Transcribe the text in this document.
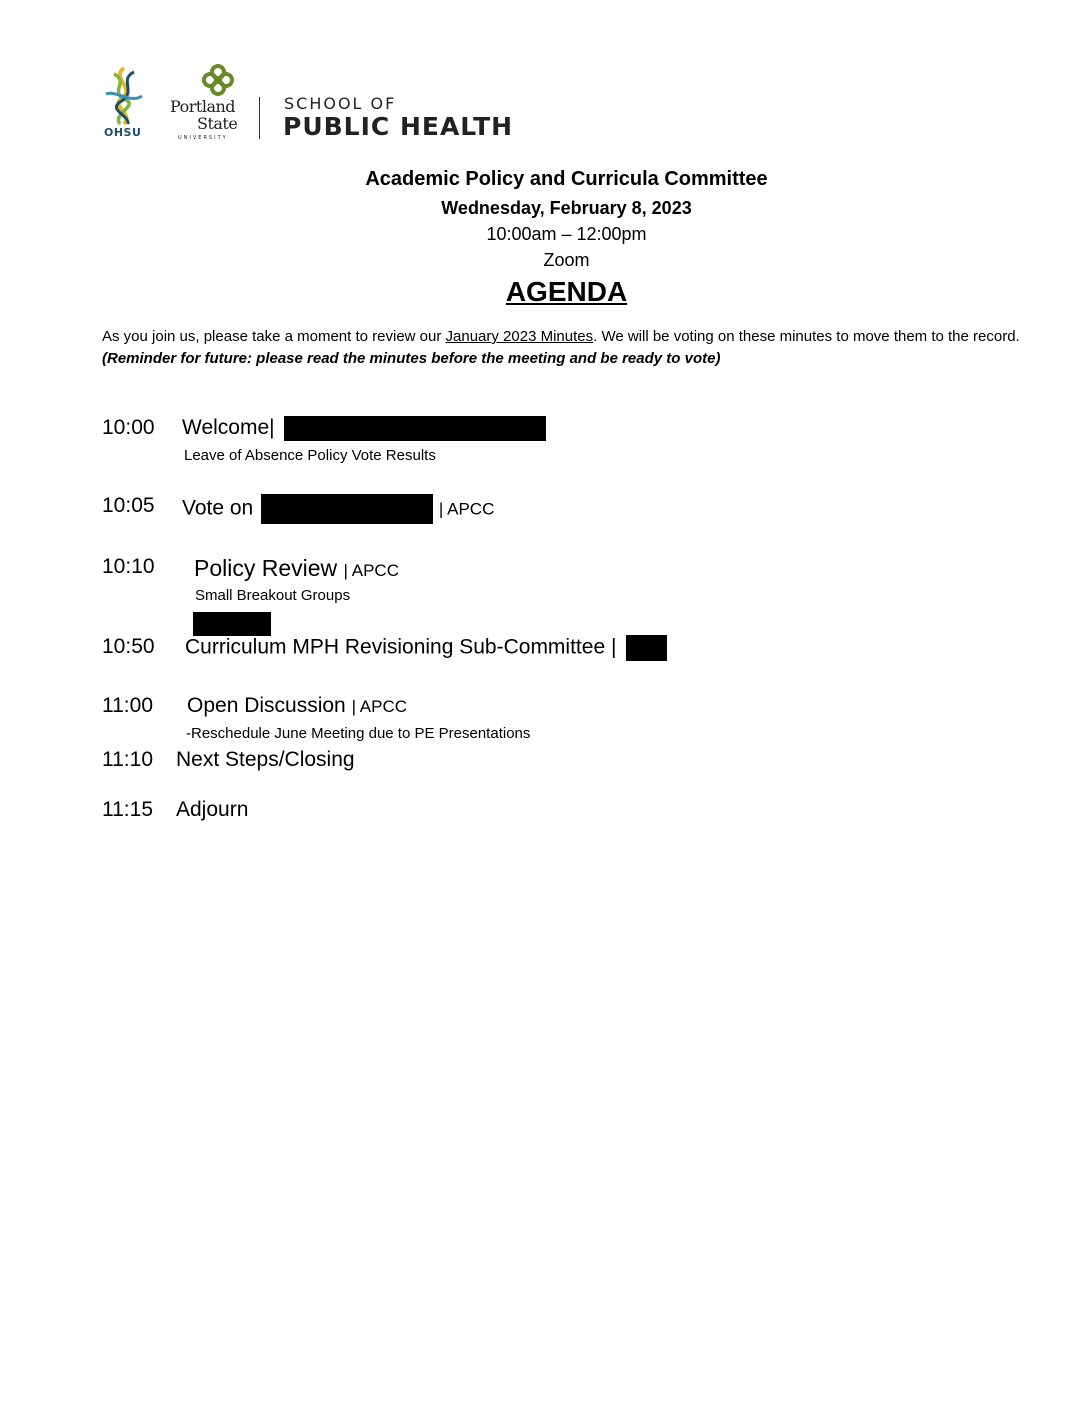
OHSU
Portland
State
UNIVERSITY
SCHOOL OF
PUBLIC HEALTH
Academic Policy and Curricula Committee
Wednesday, February 8, 2023
10:00am – 12:00pm
Zoom
AGENDA
As you join us, please take a moment to review our January 2023 Minutes. We will be voting on these minutes to move them to the record. (Reminder for future: please read the minutes before the meeting and be ready to vote)
10:00 Welcome|
Leave of Absence Policy Vote Results
10:05 Vote on	| APCC
10:10 Policy Review | APCC
Small Breakout Groups
10:50 Curriculum MPH Revisioning Sub-Committee |
11:00 Open Discussion | APCC
-Reschedule June Meeting due to PE Presentations
11:10 Next Steps/Closing
11:15 Adjourn
